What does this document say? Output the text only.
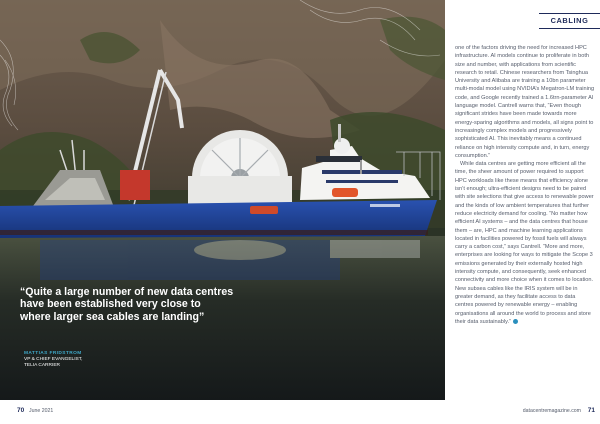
“Quite a large number of new data centres have been established very close to where larger sea cables are landing”

MATTIAS FRIDSTROM
VP & CHIEF EVANGELIST,
TELIA CARRIER
CABLING

one of the factors driving the need for increased HPC infrastructure. AI models continue to proliferate in both size and number, with applications from scientific research to retail. Chinese researchers from Tsinghua University and Alibaba are training a 10bn parameter multi-modal model using NVIDIA’s Megatron-LM training code, and Google recently trained a 1.6trn-parameter AI language model. Cantrell warns that, “Even though significant strides have been made towards more energy-sparing algorithms and models, all signs point to increasingly complex models and progressively sophisticated AI. This inevitably means a continued reliance on high intensity compute and, in turn, energy consumption.”

While data centres are getting more efficient all the time, the sheer amount of power required to support HPC workloads like these means that efficiency alone isn’t enough; ultra-efficient designs need to be paired with site selections that give access to renewable power and the kinds of low ambient temperatures that further reduce electricity demand for cooling. “No matter how efficient AI systems – and the data centres that house them – are, HPC and machine learning applications located in facilities powered by fossil fuels will always carry a carbon cost,” says Cantrell. “More and more, enterprises are looking for ways to mitigate the Scope 3 emissions generated by their externally hosted high intensity compute, and consequently, seek enhanced connectivity and more choice when it comes to location. New subsea cables like the IRIS system will be in greater demand, as they facilitate access to data centres powered by renewable energy – enabling organisations all around the world to process and store their data sustainably.”

70 June 2021	datacentremagazine.com 71
